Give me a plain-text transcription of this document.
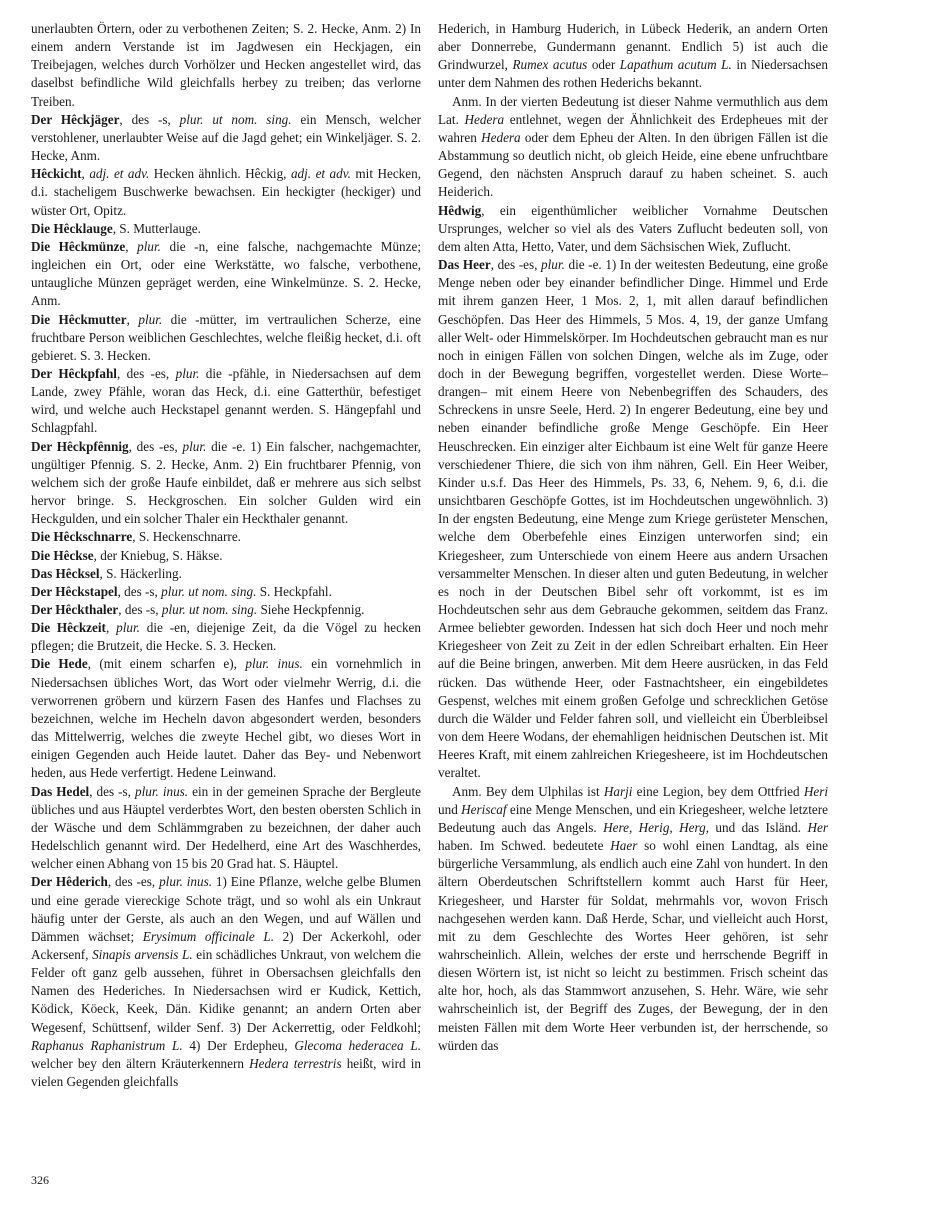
unerlaubten Örtern, oder zu verbothenen Zeiten; S. 2. Hecke, Anm. 2) In einem andern Verstande ist im Jagdwesen ein Heckjagen, ein Treibejagen, welches durch Vorhölzer und Hecken angestellet wird, das daselbst befindliche Wild gleichfalls herbey zu treiben; das verlorne Treiben.

Der Hêckjäger, des -s, plur. ut nom. sing. ein Mensch, welcher verstohlener, unerlaubter Weise auf die Jagd gehet; ein Winkeljäger. S. 2. Hecke, Anm.

Hêckicht, adj. et adv. Hecken ähnlich. Hêckig, adj. et adv. mit Hecken, d.i. stacheligem Buschwerke bewachsen. Ein heckigter (heckiger) und wüster Ort, Opitz.

Die Hêcklauge, S. Mutterlauge.

Die Hêckmünze, plur. die -n, eine falsche, nachgemachte Münze; ingleichen ein Ort, oder eine Werkstätte, wo falsche, verbothene, untaugliche Münzen gepräget werden, eine Winkelmünze. S. 2. Hecke, Anm.

Die Hêckmutter, plur. die -mütter, im vertraulichen Scherze, eine fruchtbare Person weiblichen Geschlechtes, welche fleißig hecket, d.i. oft gebieret. S. 3. Hecken.

Der Hêckpfahl, des -es, plur. die -pfähle, in Niedersachsen auf dem Lande, zwey Pfähle, woran das Heck, d.i. eine Gatterthür, befestiget wird, und welche auch Heckstapel genannt werden. S. Hängepfahl und Schlagpfahl.

Der Hêckpfênnig, des -es, plur. die -e. 1) Ein falscher, nachgemachter, ungültiger Pfennig. S. 2. Hecke, Anm. 2) Ein fruchtbarer Pfennig, von welchem sich der große Haufe einbildet, daß er mehrere aus sich selbst hervor bringe. S. Heckgroschen. Ein solcher Gulden wird ein Heckgulden, und ein solcher Thaler ein Heckthaler genannt.

Die Hêckschnarre, S. Heckenschnarre.

Die Hêckse, der Kniebug, S. Häkse.

Das Hêcksel, S. Häckerling.

Der Hêckstapel, des -s, plur. ut nom. sing. S. Heckpfahl.

Der Hêckthaler, des -s, plur. ut nom. sing. Siehe Heckpfennig.

Die Hêckzeit, plur. die -en, diejenige Zeit, da die Vögel zu hecken pflegen; die Brutzeit, die Hecke. S. 3. Hecken.

Die Hede, (mit einem scharfen e), plur. inus. ein vornehmlich in Niedersachsen übliches Wort, das Wort oder vielmehr Werrig, d.i. die verworrenen gröbern und kürzern Fasen des Hanfes und Flachses zu bezeichnen, welche im Hecheln davon abgesondert werden, besonders das Mittelwerrig, welches die zweyte Hechel gibt, wo dieses Wort in einigen Gegenden auch Heide lautet. Daher das Bey- und Nebenwort heden, aus Hede verfertigt. Hedene Leinwand.

Das Hedel, des -s, plur. inus. ein in der gemeinen Sprache der Bergleute übliches und aus Häuptel verderbtes Wort, den besten obersten Schlich in der Wäsche und dem Schlämmgraben zu bezeichnen, der daher auch Hedelschlich genannt wird. Der Hedelherd, eine Art des Waschherdes, welcher einen Abhang von 15 bis 20 Grad hat. S. Häuptel.

Der Hêderich, des -es, plur. inus. 1) Eine Pflanze, welche gelbe Blumen und eine gerade viereckige Schote trägt, und so wohl als ein Unkraut häufig unter der Gerste, als auch an den Wegen, und auf Wällen und Dämmen wächset; Erysimum officinale L. 2) Der Ackerkohl, oder Ackersenf, Sinapis arvensis L. ein schädliches Unkraut, von welchem die Felder oft ganz gelb aussehen, führet in Obersachsen gleichfalls den Namen des Hederiches. In Niedersachsen wird er Kudick, Kettich, Ködick, Köeck, Keek, Dän. Kidike genannt; an andern Orten aber Wegesenf, Schüttsenf, wilder Senf. 3) Der Ackerrettig, oder Feldkohl; Raphanus Raphanistrum L. 4) Der Erdepheu, Glecoma hederacea L. welcher bey den ältern Kräuterkennern Hedera terrestris heißt, wird in vielen Gegenden gleichfalls

Hederich, in Hamburg Huderich, in Lübeck Hederik, an andern Orten aber Donnerrebe, Gundermann genannt. Endlich 5) ist auch die Grindwurzel, Rumex acutus oder Lapathum acutum L. in Niedersachsen unter dem Nahmen des rothen Hederichs bekannt.

Anm. In der vierten Bedeutung ist dieser Nahme vermuthlich aus dem Lat. Hedera entlehnet, wegen der Ähnlichkeit des Erdepheues mit der wahren Hedera oder dem Epheu der Alten. In den übrigen Fällen ist die Abstammung so deutlich nicht, ob gleich Heide, eine ebene unfruchtbare Gegend, den nächsten Anspruch darauf zu haben scheinet. S. auch Heiderich.

Hêdwig, ein eigenthümlicher weiblicher Vornahme Deutschen Ursprunges, welcher so viel als des Vaters Zuflucht bedeuten soll, von dem alten Atta, Hetto, Vater, und dem Sächsischen Wiek, Zuflucht.

Das Heer, des -es, plur. die -e. 1) In der weitesten Bedeutung, eine große Menge neben oder bey einander befindlicher Dinge. Himmel und Erde mit ihrem ganzen Heer, 1 Mos. 2, 1, mit allen darauf befindlichen Geschöpfen. Das Heer des Himmels, 5 Mos. 4, 19, der ganze Umfang aller Welt- oder Himmelskörper. Im Hochdeutschen gebraucht man es nur noch in einigen Fällen von solchen Dingen, welche als im Zuge, oder doch in der Bewegung begriffen, vorgestellet werden. Diese Worte– drangen– mit einem Heere von Nebenbegriffen des Schauders, des Schreckens in unsre Seele, Herd. 2) In engerer Bedeutung, eine bey und neben einander befindliche große Menge Geschöpfe. Ein Heer Heuschrecken. Ein einziger alter Eichbaum ist eine Welt für ganze Heere verschiedener Thiere, die sich von ihm nähren, Gell. Ein Heer Weiber, Kinder u.s.f. Das Heer des Himmels, Ps. 33, 6, Nehem. 9, 6, d.i. die unsichtbaren Geschöpfe Gottes, ist im Hochdeutschen ungewöhnlich. 3) In der engsten Bedeutung, eine Menge zum Kriege gerüsteter Menschen, welche dem Oberbefehle eines Einzigen unterworfen sind; ein Kriegesheer, zum Unterschiede von einem Heere aus andern Ursachen versammelter Menschen. In dieser alten und guten Bedeutung, in welcher es noch in der Deutschen Bibel sehr oft vorkommt, ist es im Hochdeutschen sehr aus dem Gebrauche gekommen, seitdem das Franz. Armee beliebter geworden. Indessen hat sich doch Heer und noch mehr Kriegesheer von Zeit zu Zeit in der edlen Schreibart erhalten. Ein Heer auf die Beine bringen, anwerben. Mit dem Heere ausrücken, in das Feld rücken. Das wüthende Heer, oder Fastnachtsheer, ein eingebildetes Gespenst, welches mit einem großen Gefolge und schrecklichen Getöse durch die Wälder und Felder fahren soll, und vielleicht ein Überbleibsel von dem Heere Wodans, der ehemahligen heidnischen Deutschen ist. Mit Heeres Kraft, mit einem zahlreichen Kriegesheere, ist im Hochdeutschen veraltet.

Anm. Bey dem Ulphilas ist Harji eine Legion, bey dem Ottfried Heri und Heriscaf eine Menge Menschen, und ein Kriegesheer, welche letztere Bedeutung auch das Angels. Here, Herig, Herg, und das Isländ. Her haben. Im Schwed. bedeutete Haer so wohl einen Landtag, als eine bürgerliche Versammlung, als endlich auch eine Zahl von hundert. In den ältern Oberdeutschen Schriftstellern kommt auch Harst für Heer, Kriegesheer, und Harster für Soldat, mehrmahls vor, wovon Frisch nachgesehen werden kann. Daß Herde, Schar, und vielleicht auch Horst, mit zu dem Geschlechte des Wortes Heer gehören, ist sehr wahrscheinlich. Allein, welches der erste und herrschende Begriff in diesen Wörtern ist, ist nicht so leicht zu bestimmen. Frisch scheint das alte hor, hoch, als das Stammwort anzusehen, S. Hehr. Wäre, wie sehr wahrscheinlich ist, der Begriff des Zuges, der Bewegung, der in den meisten Fällen mit dem Worte Heer verbunden ist, der herrschende, so würden das

326
